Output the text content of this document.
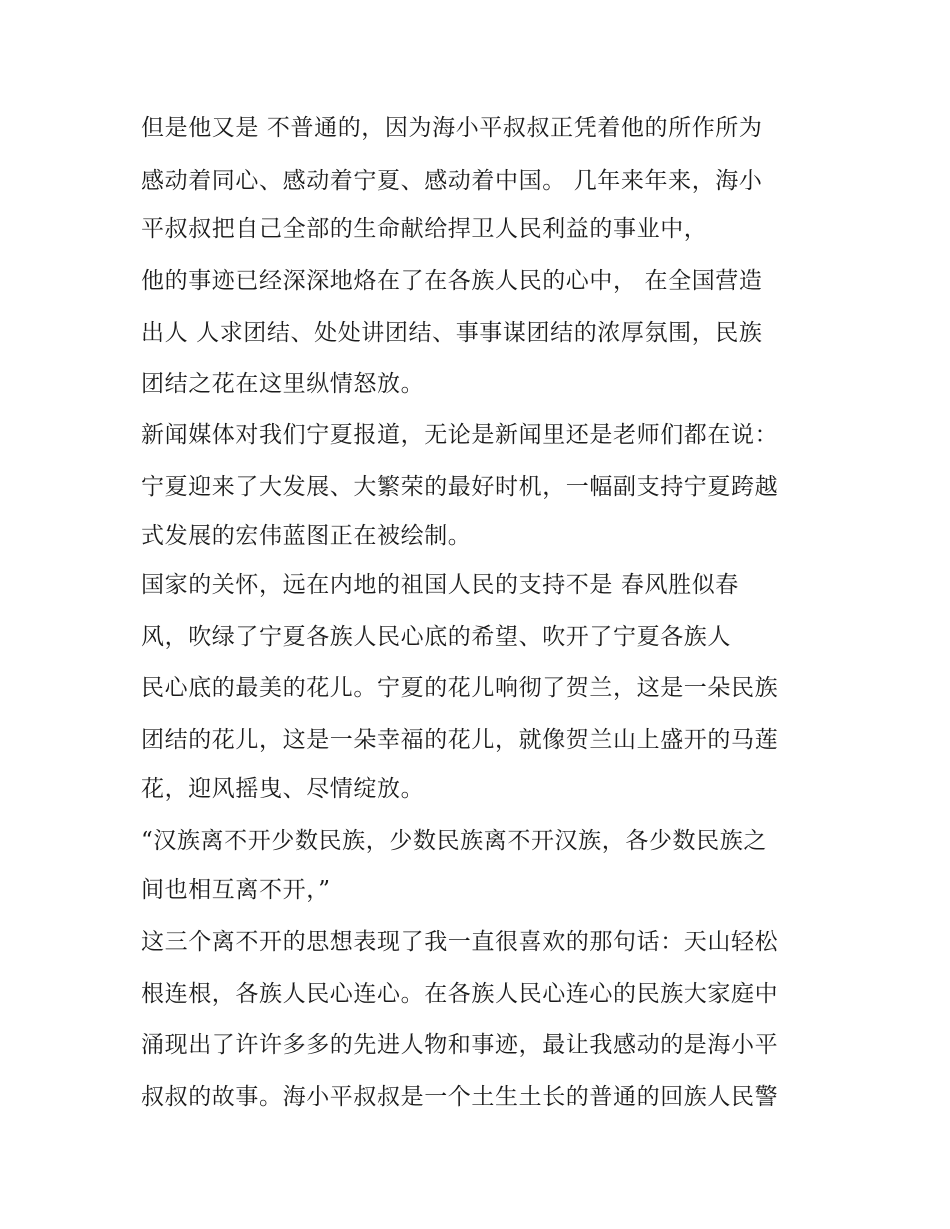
但是他又是 不普通的，因为海小平叔叔正凭着他的所作所为
感动着同心、感动着宁夏、感动着中国。 几年来年来，海小
平叔叔把自己全部的生命献给捍卫人民利益的事业中，
他的事迹已经深深地烙在了在各族人民的心中， 在全国营造
出人 人求团结、处处讲团结、事事谋团结的浓厚氛围，民族
团结之花在这里纵情怒放。
新闻媒体对我们宁夏报道，无论是新闻里还是老师们都在说：
宁夏迎来了大发展、大繁荣的最好时机，一幅副支持宁夏跨越
式发展的宏伟蓝图正在被绘制。
国家的关怀，远在内地的祖国人民的支持不是 春风胜似春
风，吹绿了宁夏各族人民心底的希望、吹开了宁夏各族人
民心底的最美的花儿。宁夏的花儿响彻了贺兰，这是一朵民族
团结的花儿，这是一朵幸福的花儿，就像贺兰山上盛开的马莲
花，迎风摇曳、尽情绽放。
“汉族离不开少数民族，少数民族离不开汉族，各少数民族之
间也相互离不开，”
这三个离不开的思想表现了我一直很喜欢的那句话：天山轻松
根连根，各族人民心连心。在各族人民心连心的民族大家庭中
涌现出了许许多多的先进人物和事迹，最让我感动的是海小平
叔叔的故事。海小平叔叔是一个土生土长的普通的回族人民警
